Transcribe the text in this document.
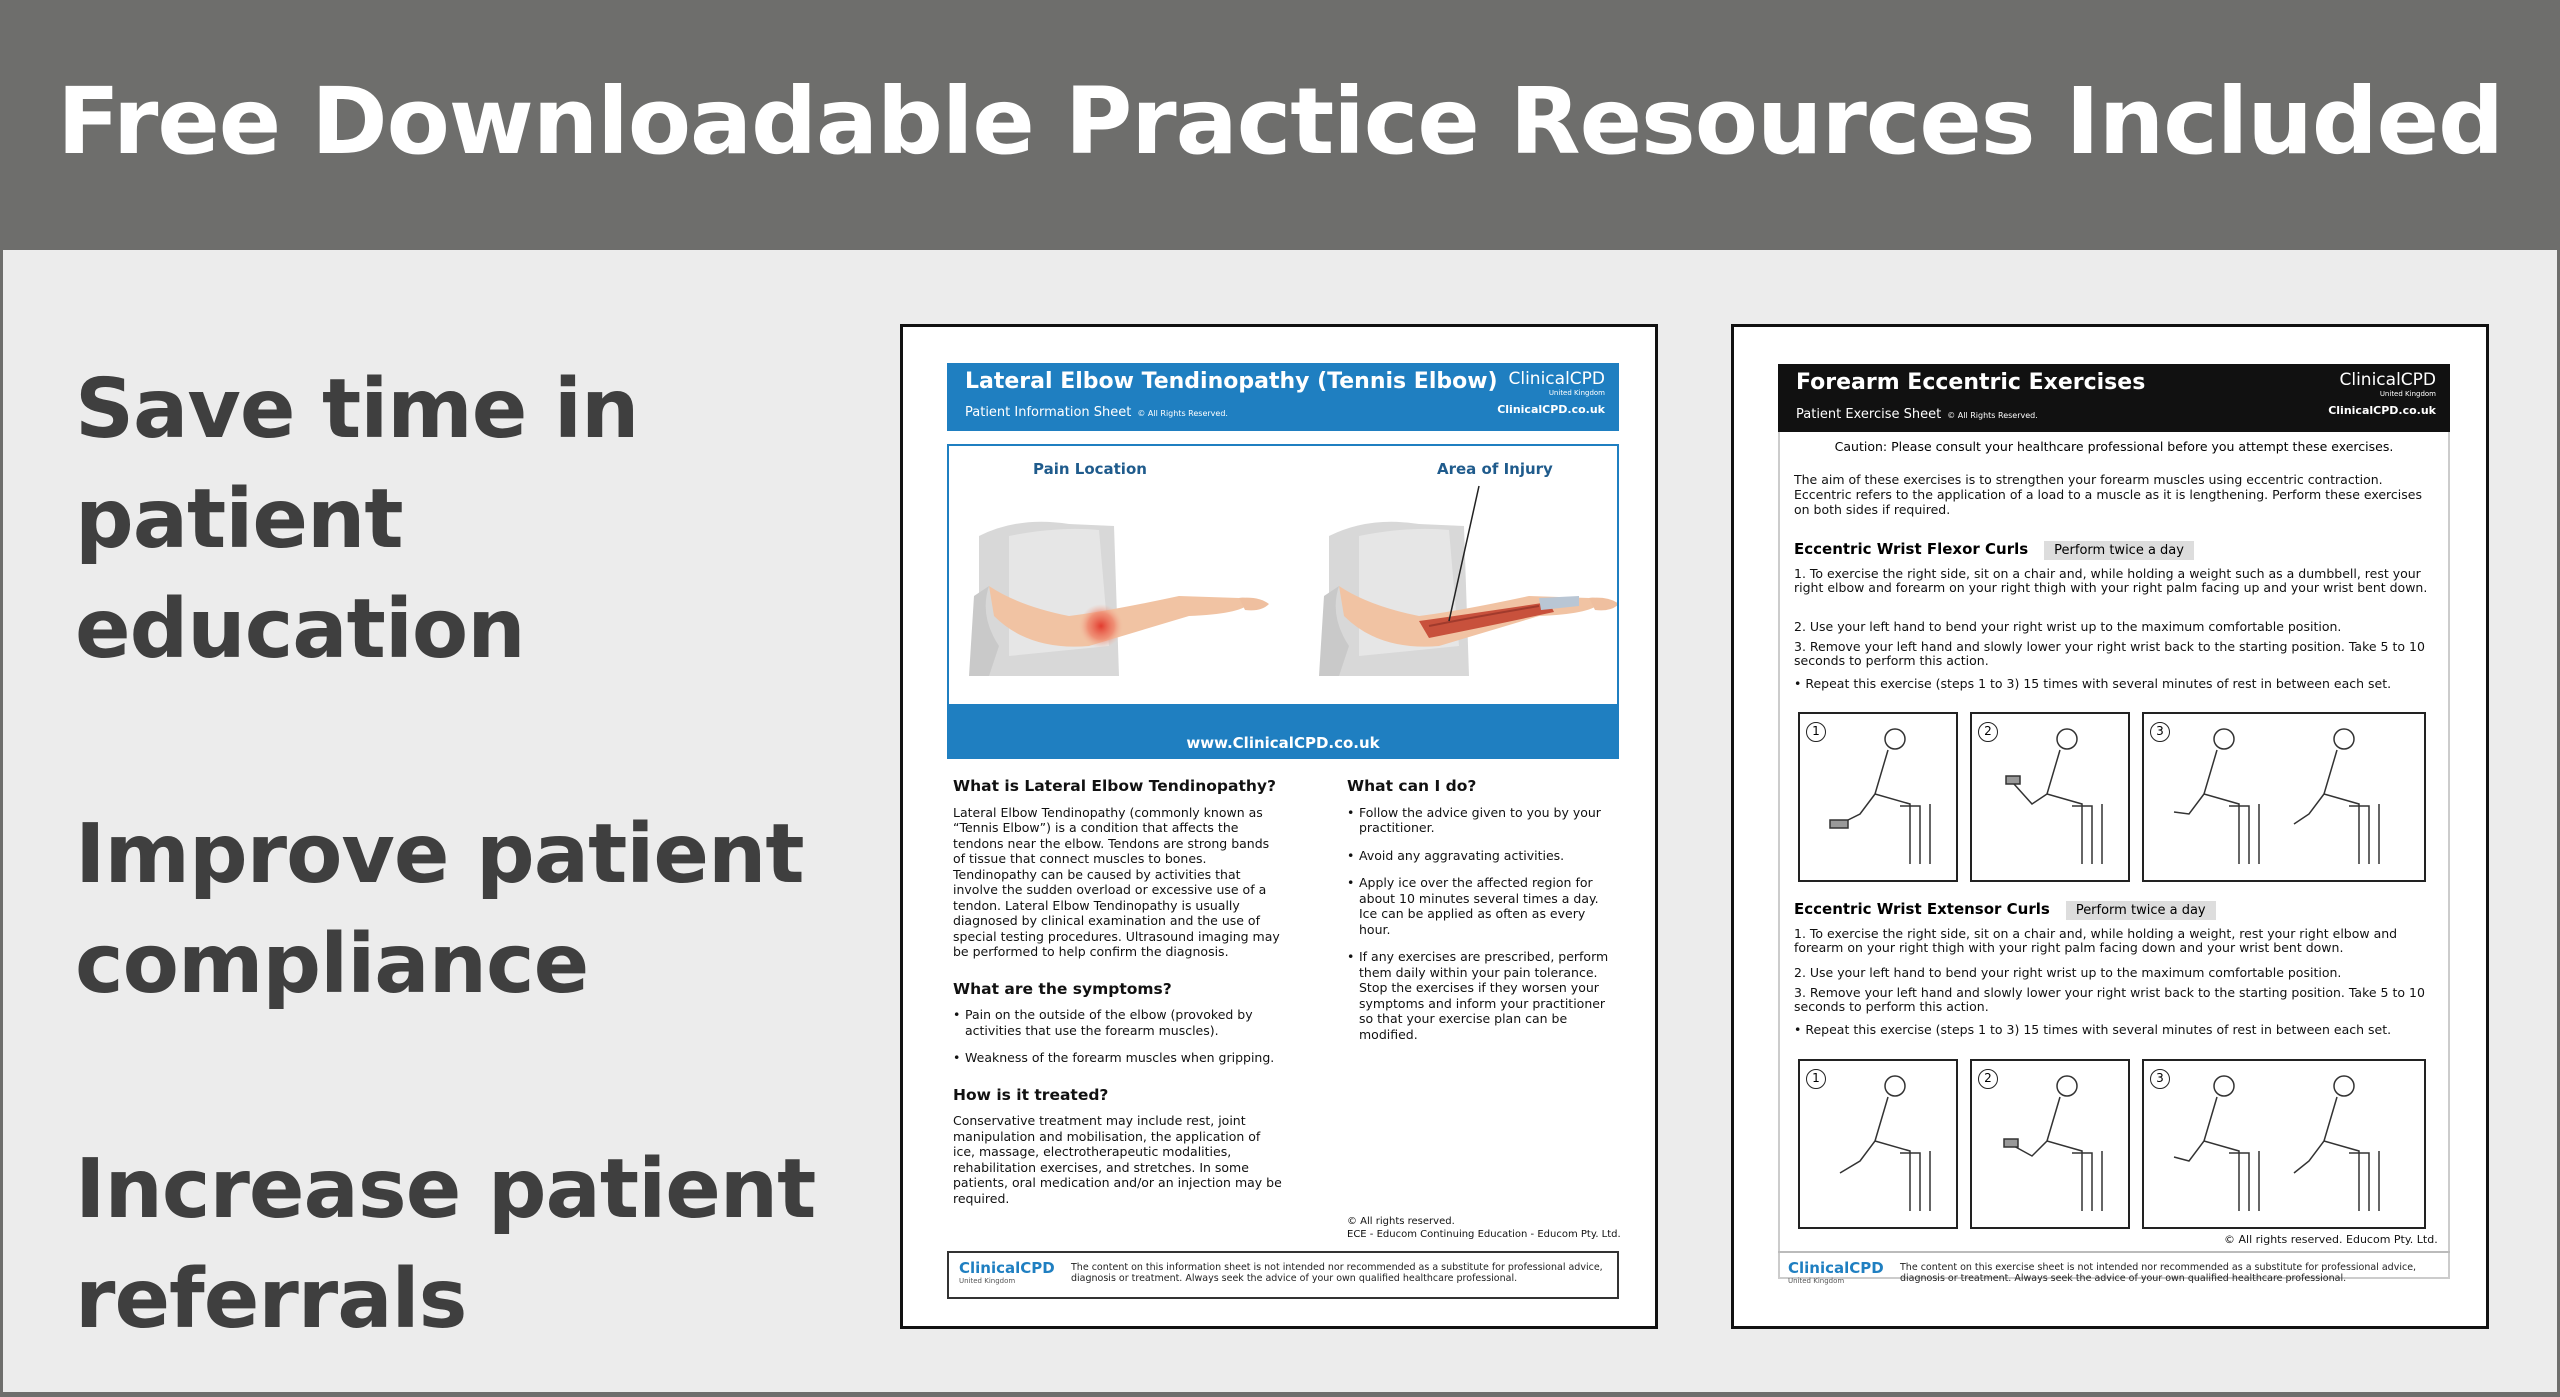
Free Downloadable Practice Resources Included
Save time in
patient education
Improve patient
compliance
Increase patient
referrals
Lateral Elbow Tendinopathy (Tennis Elbow)
Patient Information Sheet © All Rights Reserved.
ClinicalCPD
United Kingdom
ClinicalCPD.co.uk
Pain Location	Area of Injury
www.ClinicalCPD.co.uk
What is Lateral Elbow Tendinopathy?

Lateral Elbow Tendinopathy (commonly known as “Tennis Elbow”) is a condition that affects the tendons near the elbow. Tendons are strong bands of tissue that connect muscles to bones. Tendinopathy can be caused by activities that involve the sudden overload or excessive use of a tendon. Lateral Elbow Tendinopathy is usually diagnosed by clinical examination and the use of special testing procedures. Ultrasound imaging may be performed to help confirm the diagnosis.

What are the symptoms?
• Pain on the outside of the elbow (provoked by activities that use the forearm muscles).
• Weakness of the forearm muscles when gripping.
How is it treated?

Conservative treatment may include rest, joint manipulation and mobilisation, the application of ice, massage, electrotherapeutic modalities, rehabilitation exercises, and stretches. In some patients, oral medication and/or an injection may be required.

What can I do?
• Follow the advice given to you by your practitioner.
• Avoid any aggravating activities.
• Apply ice over the affected region for about 10 minutes several times a day. Ice can be applied as often as every hour.
• If any exercises are prescribed, perform them daily within your pain tolerance. Stop the exercises if they worsen your symptoms and inform your practitioner so that your exercise plan can be modified.
© All rights reserved.
ECE - Educom Continuing Education - Educom Pty. Ltd.
ClinicalCPD
United Kingdom
The content on this information sheet is not intended nor recommended as a substitute for professional advice, diagnosis or treatment. Always seek the advice of your own qualified healthcare professional.
Forearm Eccentric Exercises
Patient Exercise Sheet © All Rights Reserved.
ClinicalCPD
United Kingdom
ClinicalCPD.co.uk
Caution: Please consult your healthcare professional before you attempt these exercises.
The aim of these exercises is to strengthen your forearm muscles using eccentric contraction. Eccentric refers to the application of a load to a muscle as it is lengthening. Perform these exercises on both sides if required.
Eccentric Wrist Flexor Curls Perform twice a day
1. To exercise the right side, sit on a chair and, while holding a weight such as a dumbbell, rest your right elbow and forearm on your right thigh with your right palm facing up and your wrist bent down.
2. Use your left hand to bend your right wrist up to the maximum comfortable position.
3. Remove your left hand and slowly lower your right wrist back to the starting position. Take 5 to 10 seconds to perform this action.
• Repeat this exercise (steps 1 to 3) 15 times with several minutes of rest in between each set.
1	2	3
Eccentric Wrist Extensor Curls Perform twice a day
1. To exercise the right side, sit on a chair and, while holding a weight, rest your right elbow and forearm on your right thigh with your right palm facing down and your wrist bent down.
2. Use your left hand to bend your right wrist up to the maximum comfortable position.
3. Remove your left hand and slowly lower your right wrist back to the starting position. Take 5 to 10 seconds to perform this action.
• Repeat this exercise (steps 1 to 3) 15 times with several minutes of rest in between each set.
1	2	3
© All rights reserved. Educom Pty. Ltd.
ClinicalCPD
United Kingdom
The content on this exercise sheet is not intended nor recommended as a substitute for professional advice, diagnosis or treatment. Always seek the advice of your own qualified healthcare professional.
